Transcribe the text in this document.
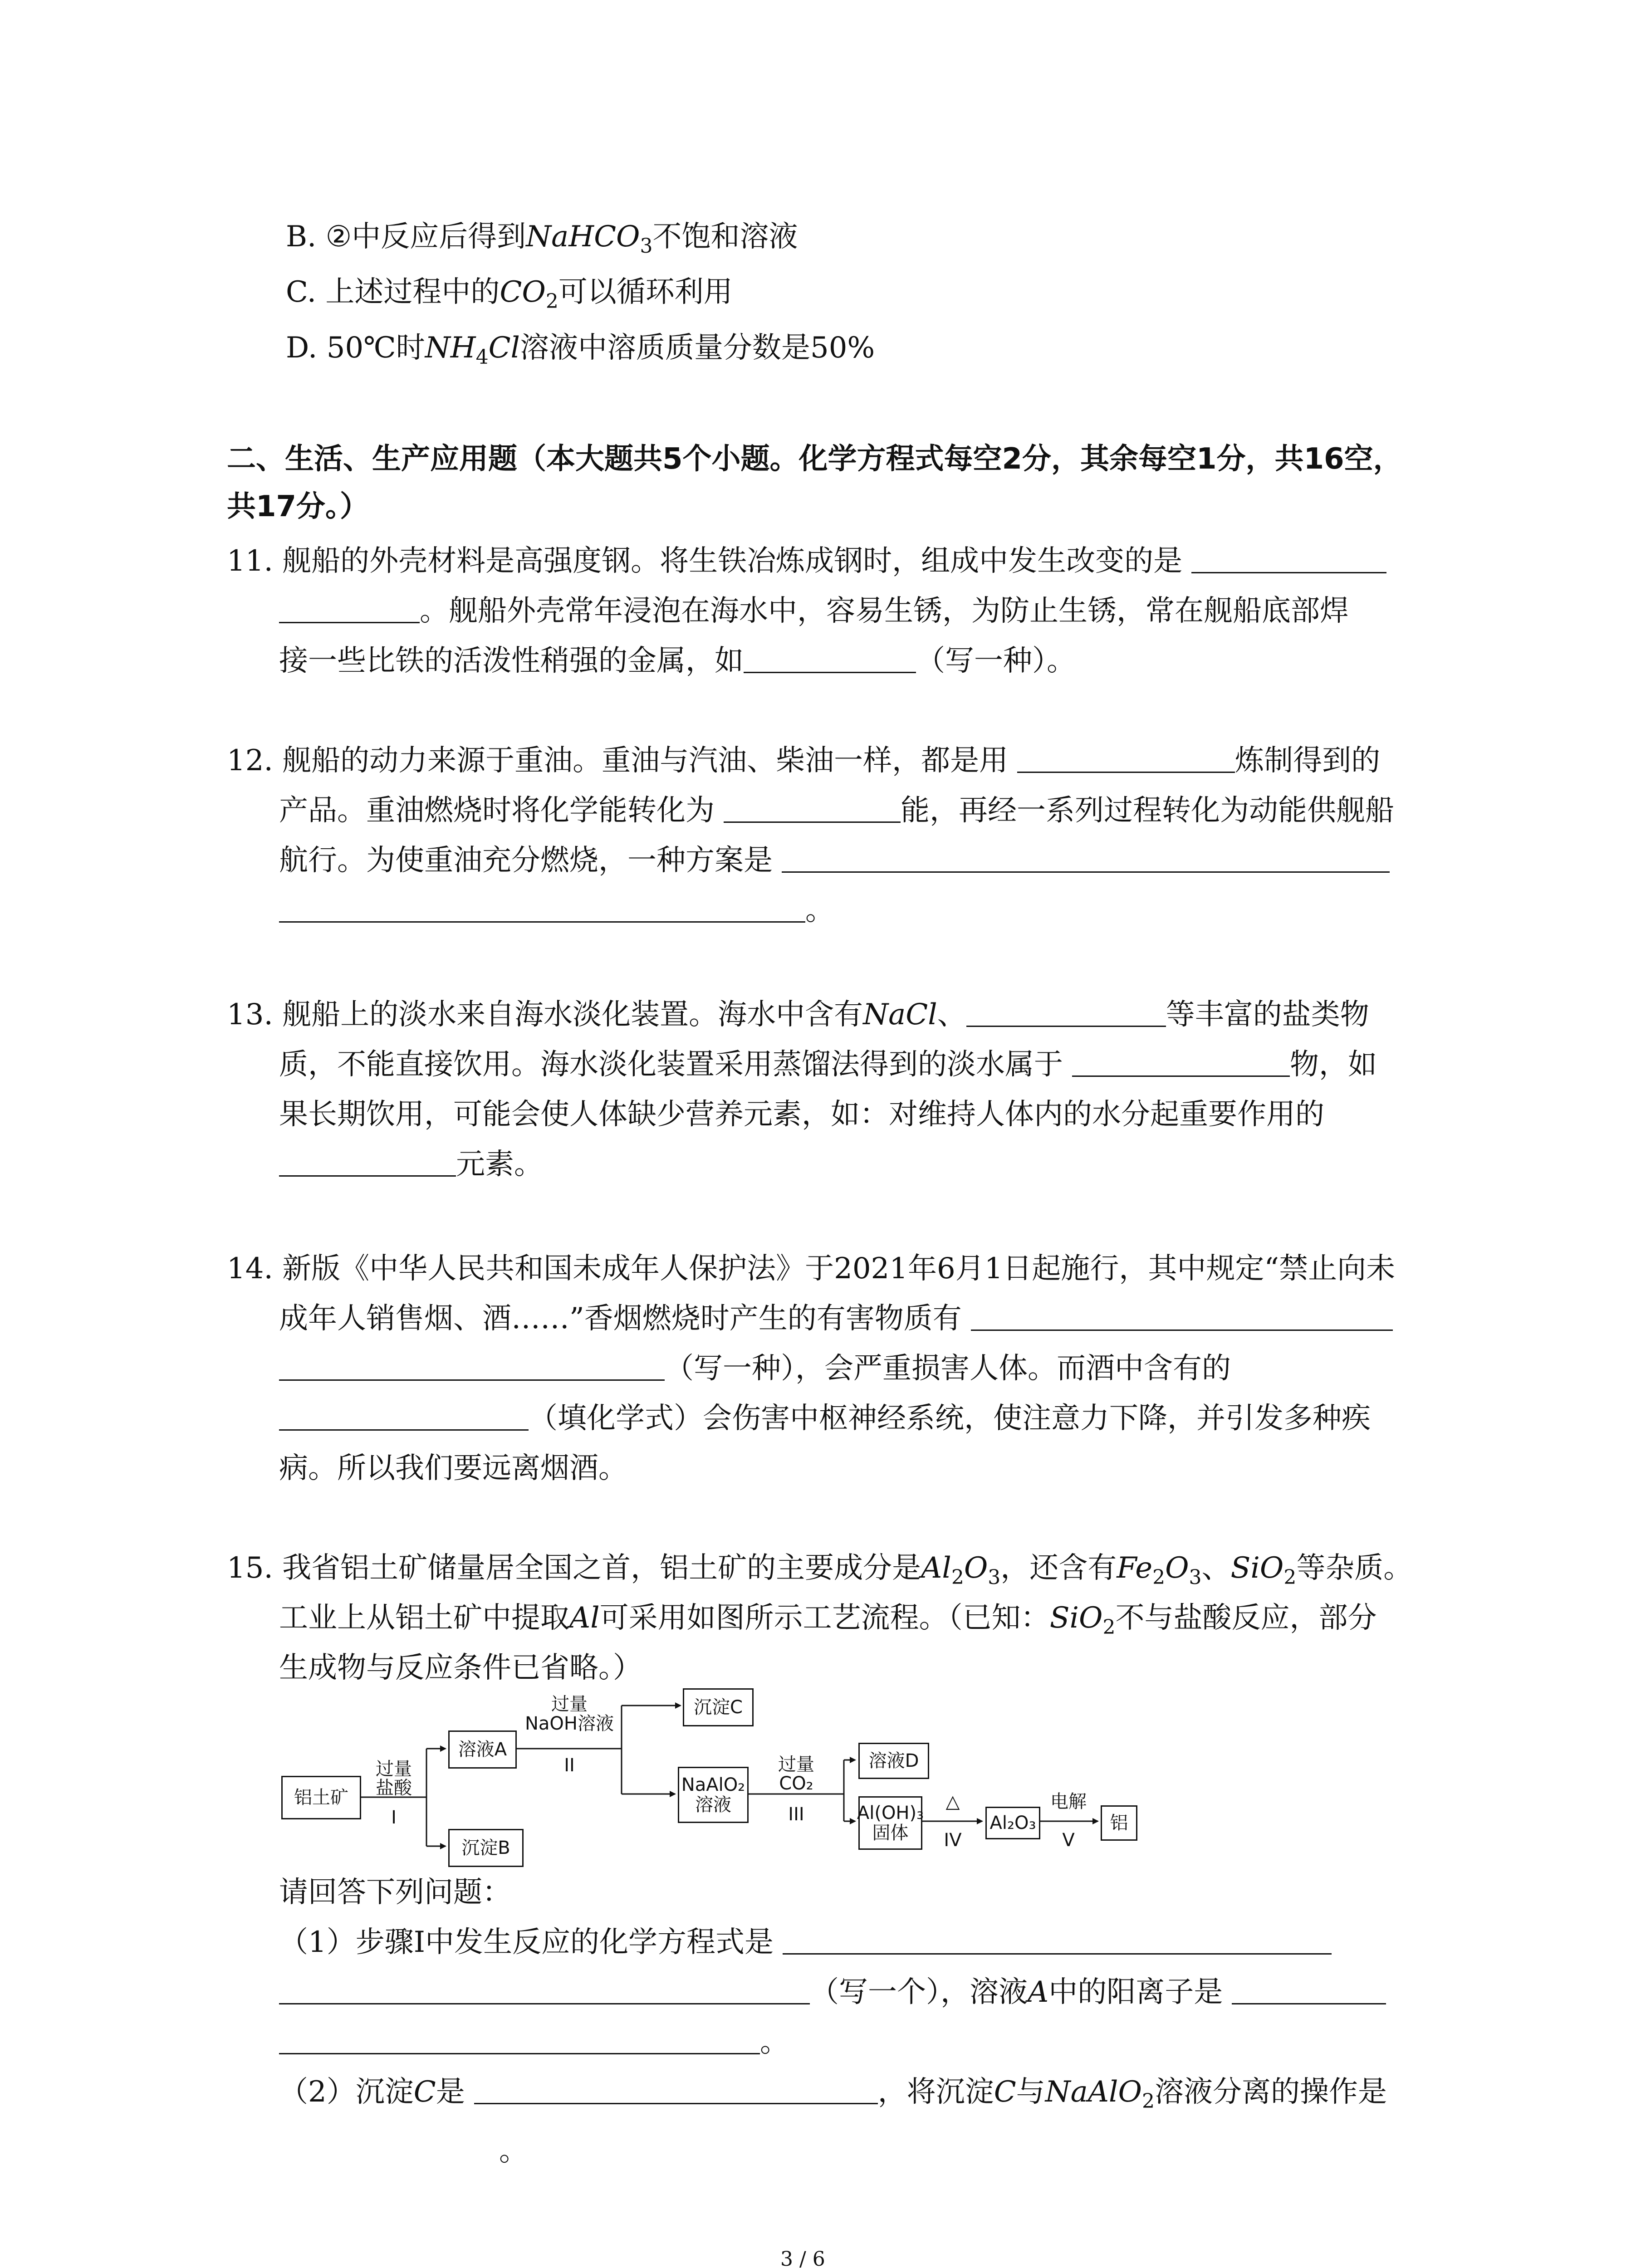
B. ②中反应后得到NaHCO$_3$不饱和溶液
C. 上述过程中的$CO_2$可以循环利用
D. 50℃时$NH_4Cl$溶液中溶质质量分数是50%
二、生活、生产应用题（本大题共5个小题。化学方程式每空2分，其余每空1分，共16空，
共17分。）
11. 舰船的外壳材料是高强度钢。将生铁冶炼成钢时，组成中发生改变的是
。舰船外壳常年浸泡在海水中，容易生锈，为防止生锈，常在舰船底部焊
接一些比铁的活泼性稍强的金属，如	（写一种）。
12. 舰船的动力来源于重油。重油与汽油、柴油一样，都是用	炼制得到的
产品。重油燃烧时将化学能转化为	能，再经一系列过程转化为动能供舰船
航行。为使重油充分燃烧，一种方案是
。
13. 舰船上的淡水来自海水淡化装置。海水中含有NaCl、	等丰富的盐类物
质，不能直接饮用。海水淡化装置采用蒸馏法得到的淡水属于	物，如
果长期饮用，可能会使人体缺少营养元素，如：对维持人体内的水分起重要作用的
元素。
14. 新版《中华人民共和国未成年人保护法》于2021年6月1日起施行，其中规定“禁止向未
成年人销售烟、酒……”香烟燃烧时产生的有害物质有
（写一种），会严重损害人体。而酒中含有的
（填化学式）会伤害中枢神经系统，使注意力下降，并引发多种疾
病。所以我们要远离烟酒。
15. 我省铝土矿储量居全国之首，铝土矿的主要成分是$Al_2O_3$，还含有$Fe_2O_3$、SiO$_2$等杂质。
工业上从铝土矿中提取Al可采用如图所示工艺流程。（已知：SiO$_2$不与盐酸反应，部分
生成物与反应条件已省略。）
铝土矿
过量
盐酸
I
溶液A
沉淀B
过量
NaOH溶液
II
沉淀C
NaAlO₂
溶液
过量
CO₂
III
溶液D
Al(OH)₃
固体
△
IV
Al₂O₃
电解
V
铝
请回答下列问题：
（1）步骤Ⅰ中发生反应的化学方程式是
（写一个），溶液A中的阳离子是
。
（2）沉淀C是	，将沉淀C与NaAlO$_2$溶液分离的操作是
。
3 / 6
